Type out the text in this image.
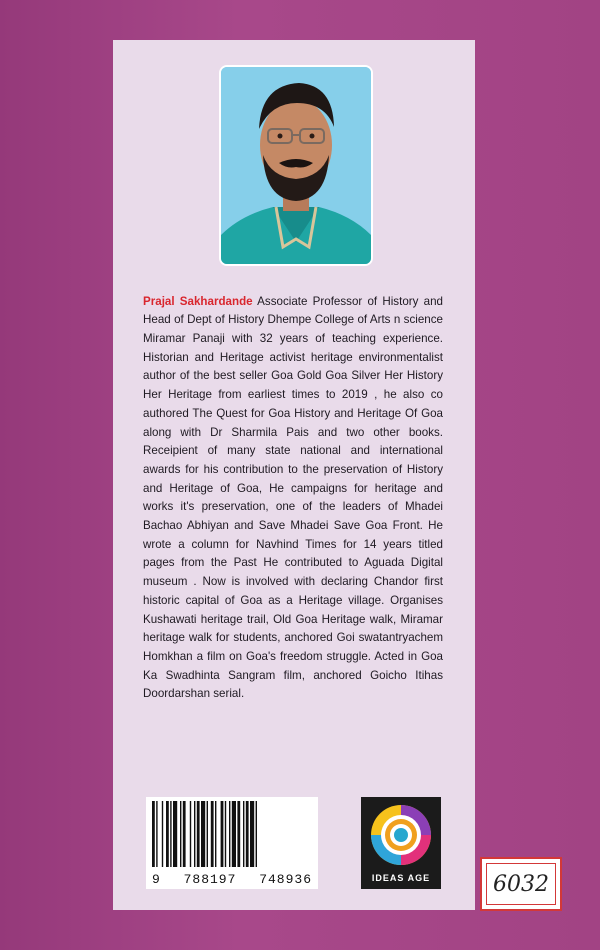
Prajal Sakhardande Associate Professor of History and Head of Dept of History Dhempe College of Arts n science Miramar Panaji with 32 years of teaching experience. Historian and Heritage activist heritage environmentalist author of the best seller Goa Gold Goa Silver Her History Her Heritage from earliest times to 2019 , he also co authored The Quest for Goa History and Heritage Of Goa along with Dr Sharmila Pais and two other books. Receipient of many state national and international awards for his contribution to the preservation of History and Heritage of Goa, He campaigns for heritage and works it's preservation, one of the leaders of Mhadei Bachao Abhiyan and Save Mhadei Save Goa Front. He wrote a column for Navhind Times for 14 years titled pages from the Past He contributed to Aguada Digital museum . Now is involved with declaring Chandor first historic capital of Goa as a Heritage village. Organises Kushawati heritage trail, Old Goa Heritage walk, Miramar heritage walk for students, anchored Goi swatantryachem Homkhan a film on Goa's freedom struggle. Acted in Goa Ka Swadhinta Sangram film, anchored Goicho Itihas Doordarshan serial.

9 788197 748936	IDEAS AGE	6032
